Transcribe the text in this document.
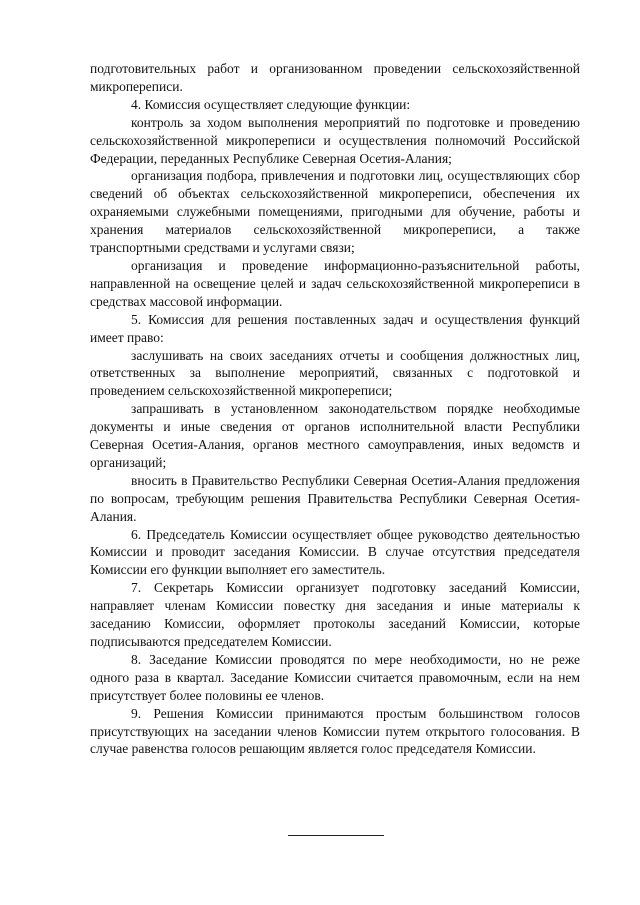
подготовительных работ и организованном проведении сельскохозяйственной микропереписи.

4. Комиссия осуществляет следующие функции:

контроль за ходом выполнения мероприятий по подготовке и проведению сельскохозяйственной микропереписи и осуществления полномочий Российской Федерации, переданных Республике Северная Осетия-Алания;

организация подбора, привлечения и подготовки лиц, осуществляющих сбор сведений об объектах сельскохозяйственной микропереписи, обеспечения их охраняемыми служебными помещениями, пригодными для обучение, работы и хранения материалов сельскохозяйственной микропереписи, а также транспортными средствами и услугами связи;

организация и проведение информационно-разъяснительной работы, направленной на освещение целей и задач сельскохозяйственной микропереписи в средствах массовой информации.

5. Комиссия для решения поставленных задач и осуществления функций имеет право:

заслушивать на своих заседаниях отчеты и сообщения должностных лиц, ответственных за выполнение мероприятий, связанных с подготовкой и проведением сельскохозяйственной микропереписи;

запрашивать в установленном законодательством порядке необходимые документы и иные сведения от органов исполнительной власти Республики Северная Осетия-Алания, органов местного самоуправления, иных ведомств и организаций;

вносить в Правительство Республики Северная Осетия-Алания предложения по вопросам, требующим решения Правительства Республики Северная Осетия-Алания.

6. Председатель Комиссии осуществляет общее руководство деятельностью Комиссии и проводит заседания Комиссии. В случае отсутствия председателя Комиссии его функции выполняет его заместитель.

7. Секретарь Комиссии организует подготовку заседаний Комиссии, направляет членам Комиссии повестку дня заседания и иные материалы к заседанию Комиссии, оформляет протоколы заседаний Комиссии, которые подписываются председателем Комиссии.

8. Заседание Комиссии проводятся по мере необходимости, но не реже одного раза в квартал. Заседание Комиссии считается правомочным, если на нем присутствует более половины ее членов.

9. Решения Комиссии принимаются простым большинством голосов присутствующих на заседании членов Комиссии путем открытого голосования. В случае равенства голосов решающим является голос председателя Комиссии.
